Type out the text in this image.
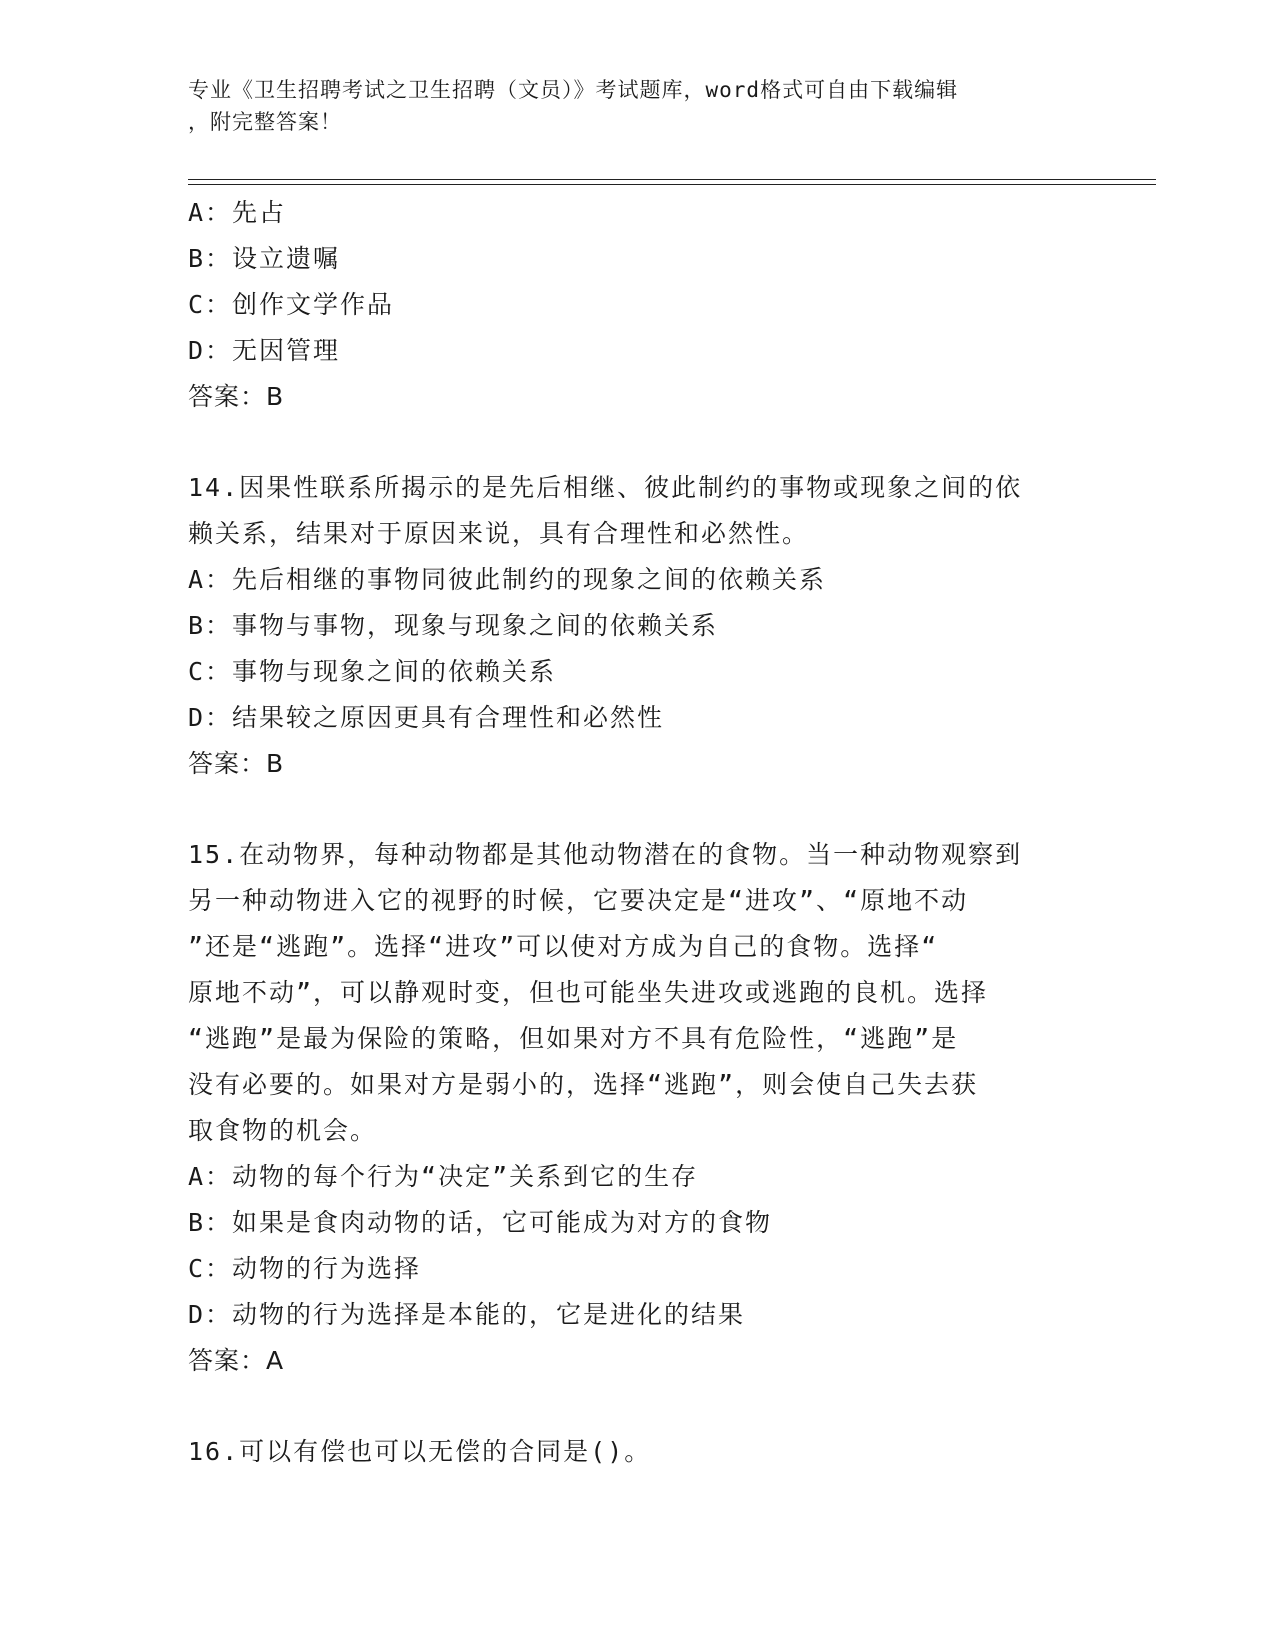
专业《卫生招聘考试之卫生招聘（文员）》考试题库，word格式可自由下载编辑
，附完整答案！
A：先占
B：设立遗嘱
C：创作文学作品
D：无因管理
答案：B
14.因果性联系所揭示的是先后相继、彼此制约的事物或现象之间的依
赖关系，结果对于原因来说，具有合理性和必然性。
A：先后相继的事物同彼此制约的现象之间的依赖关系
B：事物与事物，现象与现象之间的依赖关系
C：事物与现象之间的依赖关系
D：结果较之原因更具有合理性和必然性
答案：B
15.在动物界，每种动物都是其他动物潜在的食物。当一种动物观察到
另一种动物进入它的视野的时候，它要决定是“进攻”、“原地不动
”还是“逃跑”。选择“进攻”可以使对方成为自己的食物。选择“
原地不动”，可以静观时变，但也可能坐失进攻或逃跑的良机。选择
“逃跑”是最为保险的策略，但如果对方不具有危险性，“逃跑”是
没有必要的。如果对方是弱小的，选择“逃跑”，则会使自己失去获
取食物的机会。
A：动物的每个行为“决定”关系到它的生存
B：如果是食肉动物的话，它可能成为对方的食物
C：动物的行为选择
D：动物的行为选择是本能的，它是进化的结果
答案：A
16.可以有偿也可以无偿的合同是()。
